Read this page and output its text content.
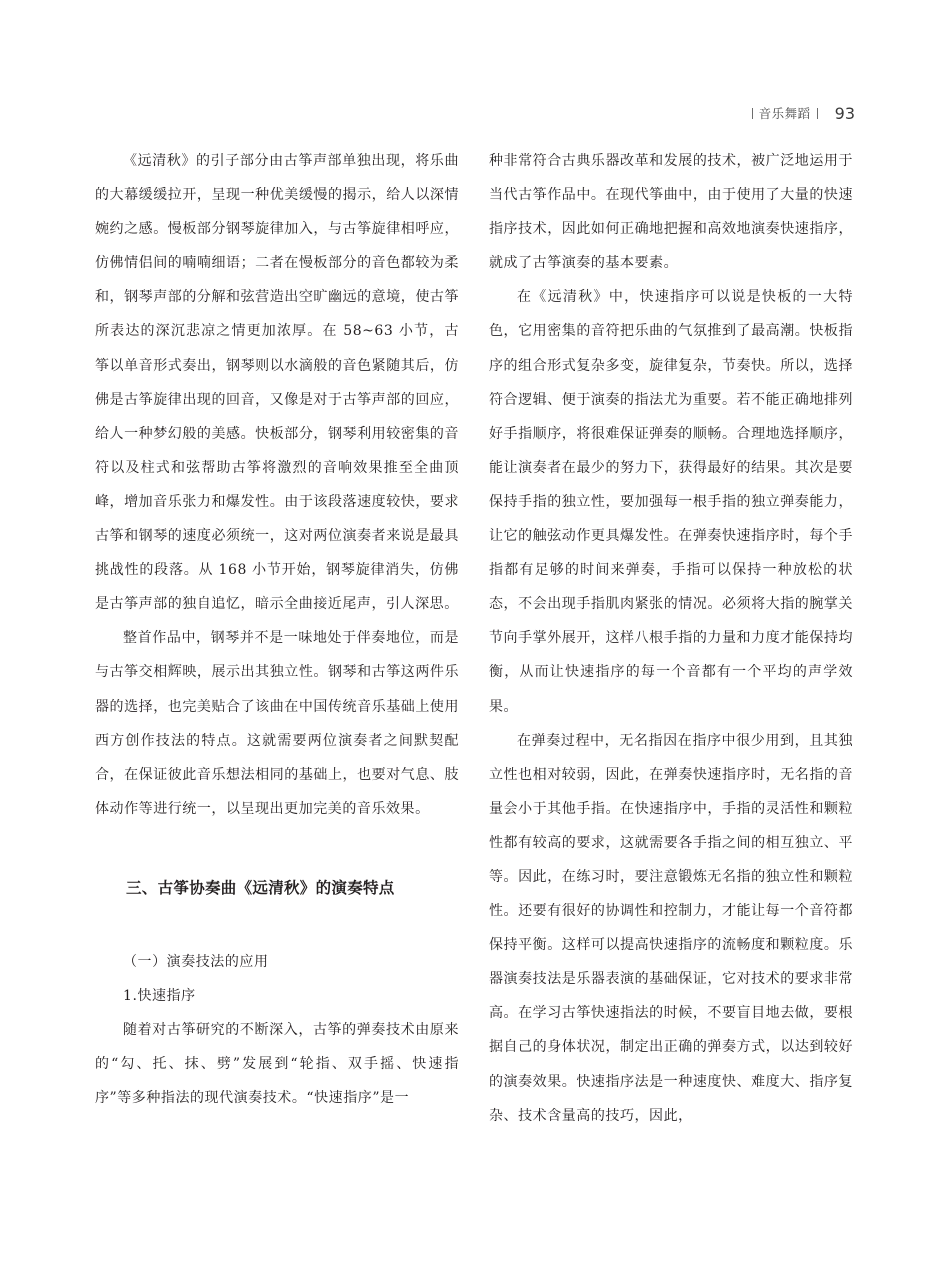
音乐舞蹈 93

《远清秋》的引子部分由古筝声部单独出现，将乐曲的大幕缓缓拉开，呈现一种优美缓慢的揭示，给人以深情婉约之感。慢板部分钢琴旋律加入，与古筝旋律相呼应，仿佛情侣间的喃喃细语；二者在慢板部分的音色都较为柔和，钢琴声部的分解和弦营造出空旷幽远的意境，使古筝所表达的深沉悲凉之情更加浓厚。在 58~63 小节，古筝以单音形式奏出，钢琴则以水滴般的音色紧随其后，仿佛是古筝旋律出现的回音，又像是对于古筝声部的回应，给人一种梦幻般的美感。快板部分，钢琴利用较密集的音符以及柱式和弦帮助古筝将激烈的音响效果推至全曲顶峰，增加音乐张力和爆发性。由于该段落速度较快，要求古筝和钢琴的速度必须统一，这对两位演奏者来说是最具挑战性的段落。从 168 小节开始，钢琴旋律消失，仿佛是古筝声部的独自追忆，暗示全曲接近尾声，引人深思。

整首作品中，钢琴并不是一味地处于伴奏地位，而是与古筝交相辉映，展示出其独立性。钢琴和古筝这两件乐器的选择，也完美贴合了该曲在中国传统音乐基础上使用西方创作技法的特点。这就需要两位演奏者之间默契配合，在保证彼此音乐想法相同的基础上，也要对气息、肢体动作等进行统一，以呈现出更加完美的音乐效果。

三、古筝协奏曲《远清秋》的演奏特点

（一）演奏技法的应用

1.快速指序

随着对古筝研究的不断深入，古筝的弹奏技术由原来的“勾、托、抹、劈”发展到“轮指、双手摇、快速指序”等多种指法的现代演奏技术。“快速指序”是一

种非常符合古典乐器改革和发展的技术，被广泛地运用于当代古筝作品中。在现代筝曲中，由于使用了大量的快速指序技术，因此如何正确地把握和高效地演奏快速指序，就成了古筝演奏的基本要素。

在《远清秋》中，快速指序可以说是快板的一大特色，它用密集的音符把乐曲的气氛推到了最高潮。快板指序的组合形式复杂多变，旋律复杂，节奏快。所以，选择符合逻辑、便于演奏的指法尤为重要。若不能正确地排列好手指顺序，将很难保证弹奏的顺畅。合理地选择顺序，能让演奏者在最少的努力下，获得最好的结果。其次是要保持手指的独立性，要加强每一根手指的独立弹奏能力，让它的触弦动作更具爆发性。在弹奏快速指序时，每个手指都有足够的时间来弹奏，手指可以保持一种放松的状态，不会出现手指肌肉紧张的情况。必须将大指的腕掌关节向手掌外展开，这样八根手指的力量和力度才能保持均衡，从而让快速指序的每一个音都有一个平均的声学效果。

在弹奏过程中，无名指因在指序中很少用到，且其独立性也相对较弱，因此，在弹奏快速指序时，无名指的音量会小于其他手指。在快速指序中，手指的灵活性和颗粒性都有较高的要求，这就需要各手指之间的相互独立、平等。因此，在练习时，要注意锻炼无名指的独立性和颗粒性。还要有很好的协调性和控制力，才能让每一个音符都保持平衡。这样可以提高快速指序的流畅度和颗粒度。乐器演奏技法是乐器表演的基础保证，它对技术的要求非常高。在学习古筝快速指法的时候，不要盲目地去做，要根据自己的身体状况，制定出正确的弹奏方式，以达到较好的演奏效果。快速指序法是一种速度快、难度大、指序复杂、技术含量高的技巧，因此，
